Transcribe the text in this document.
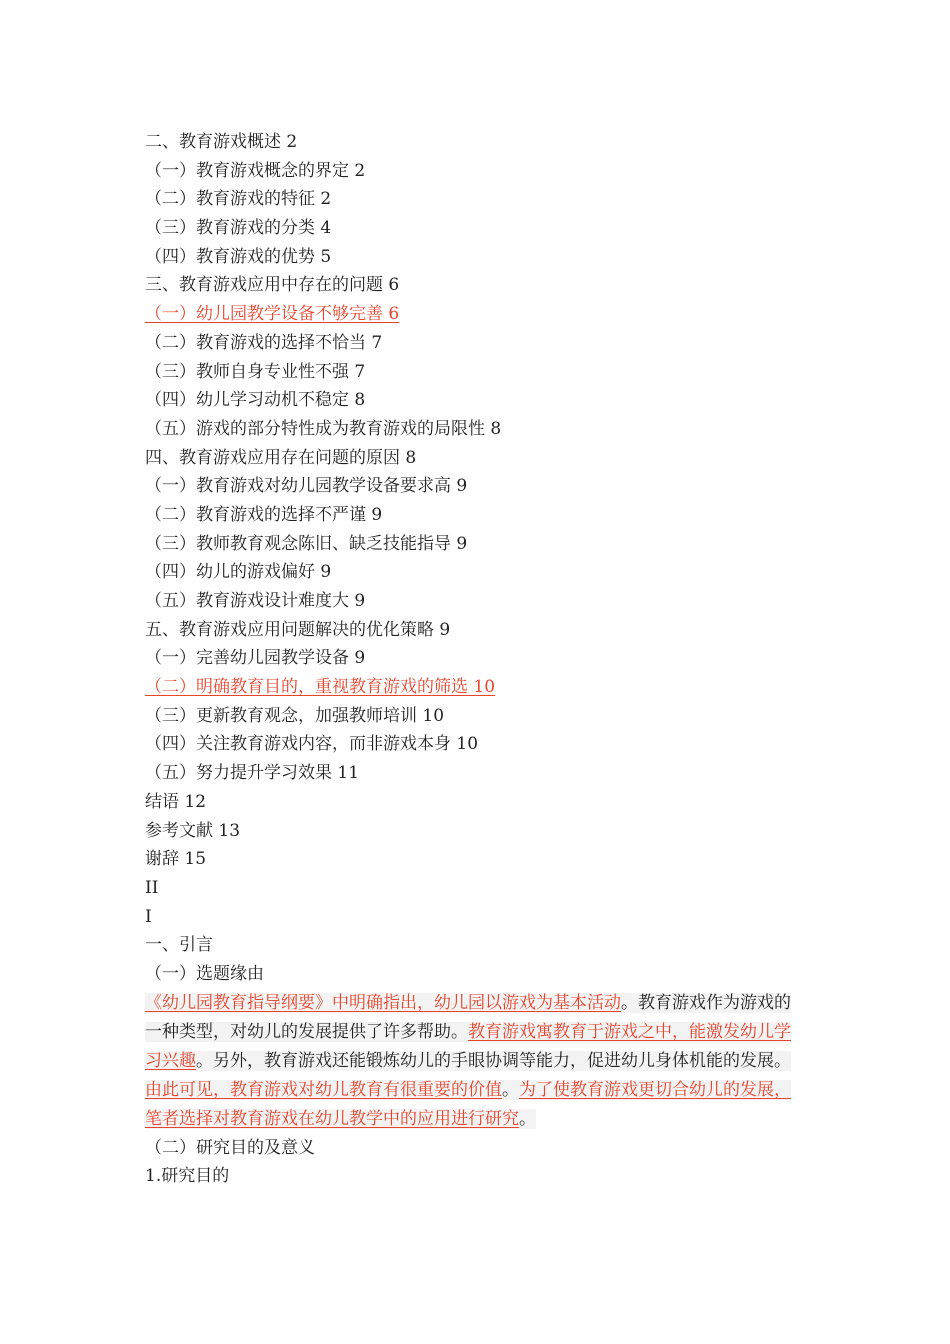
二、教育游戏概述 2
（一）教育游戏概念的界定 2
（二）教育游戏的特征 2
（三）教育游戏的分类 4
（四）教育游戏的优势 5
三、教育游戏应用中存在的问题 6
（一）幼儿园教学设备不够完善 6
（二）教育游戏的选择不恰当 7
（三）教师自身专业性不强 7
（四）幼儿学习动机不稳定 8
（五）游戏的部分特性成为教育游戏的局限性 8
四、教育游戏应用存在问题的原因 8
（一）教育游戏对幼儿园教学设备要求高 9
（二）教育游戏的选择不严谨 9
（三）教师教育观念陈旧、缺乏技能指导 9
（四）幼儿的游戏偏好 9
（五）教育游戏设计难度大 9
五、教育游戏应用问题解决的优化策略 9
（一）完善幼儿园教学设备 9
（二）明确教育目的，重视教育游戏的筛选 10
（三）更新教育观念，加强教师培训 10
（四）关注教育游戏内容，而非游戏本身 10
（五）努力提升学习效果 11
结语 12
参考文献 13
谢辞 15
II
I
一、引言
（一）选题缘由

《幼儿园教育指导纲要》中明确指出，幼儿园以游戏为基本活动。教育游戏作为游戏的一种类型，对幼儿的发展提供了许多帮助。教育游戏寓教育于游戏之中，能激发幼儿学习兴趣。另外，教育游戏还能锻炼幼儿的手眼协调等能力，促进幼儿身体机能的发展。由此可见，教育游戏对幼儿教育有很重要的价值。为了使教育游戏更切合幼儿的发展，笔者选择对教育游戏在幼儿教学中的应用进行研究。

（二）研究目的及意义
1.研究目的
